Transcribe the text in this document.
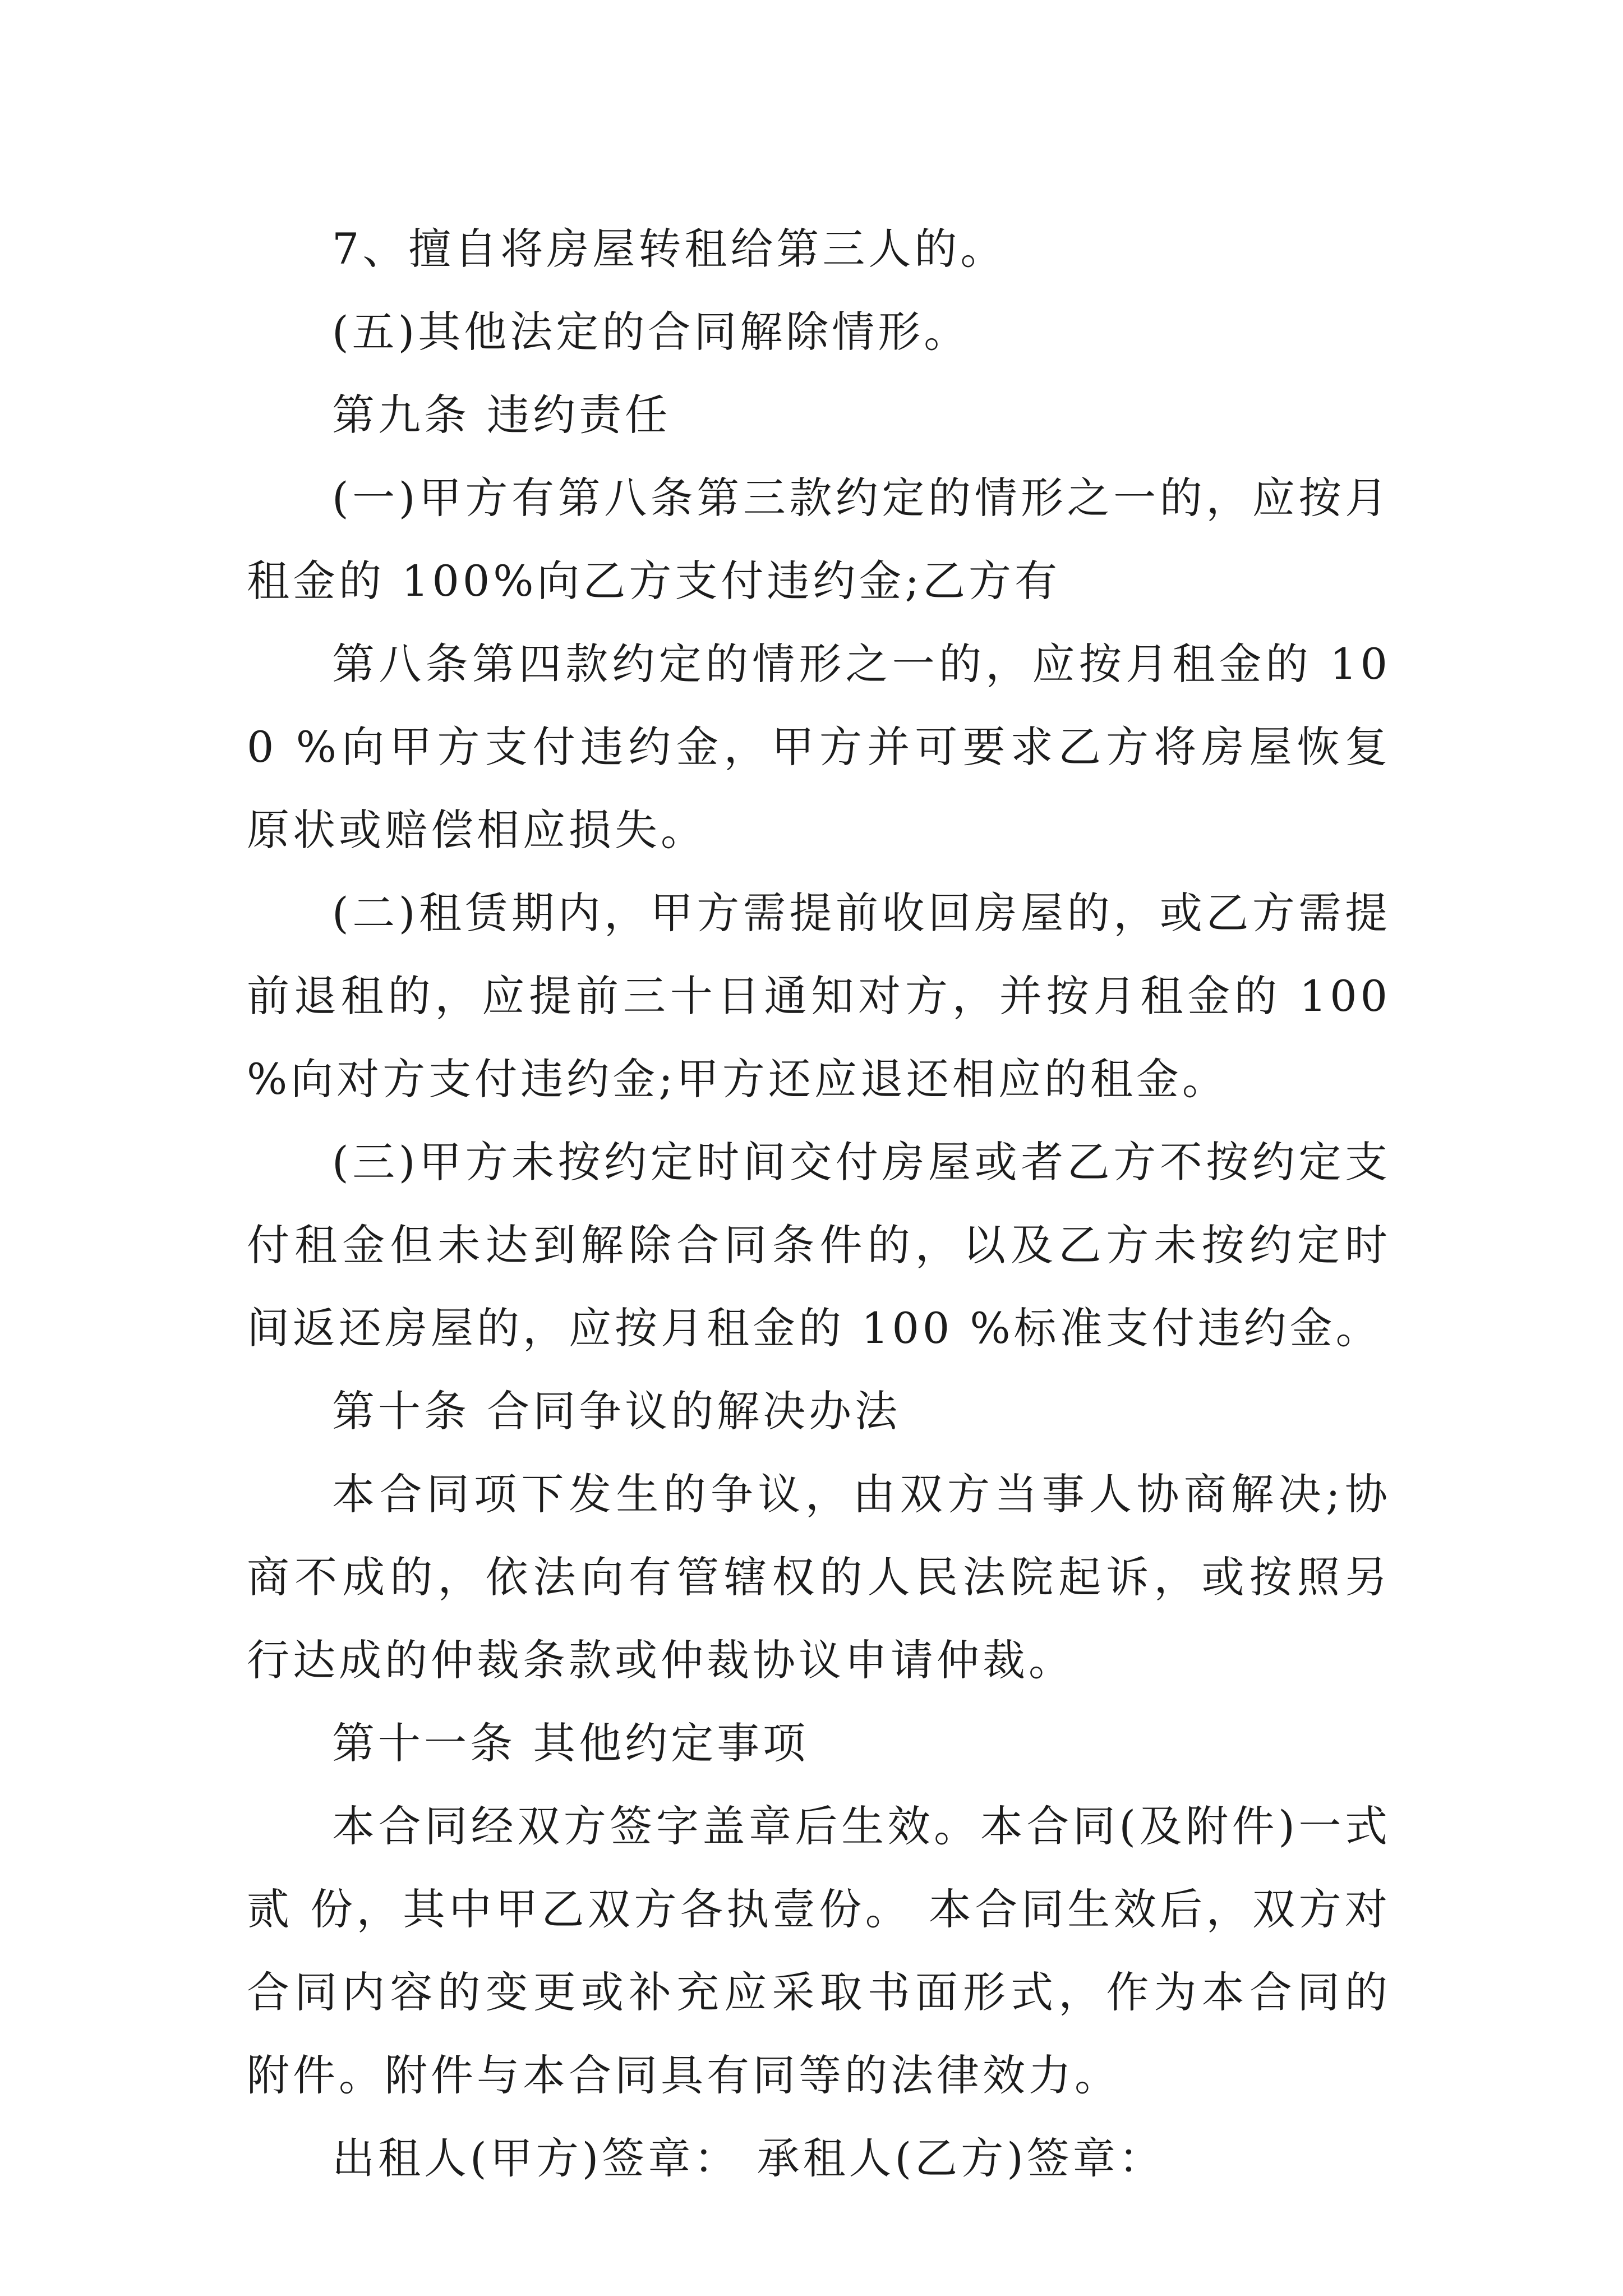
7、擅自将房屋转租给第三人的。

(五)其他法定的合同解除情形。

第九条 违约责任

(一)甲方有第八条第三款约定的情形之一的，应按月租金的 100%向乙方支付违约金;乙方有

第八条第四款约定的情形之一的，应按月租金的 100 %向甲方支付违约金，甲方并可要求乙方将房屋恢复原状或赔偿相应损失。

(二)租赁期内，甲方需提前收回房屋的，或乙方需提前退租的，应提前三十日通知对方，并按月租金的 100 %向对方支付违约金;甲方还应退还相应的租金。

(三)甲方未按约定时间交付房屋或者乙方不按约定支付租金但未达到解除合同条件的，以及乙方未按约定时间返还房屋的，应按月租金的 100 %标准支付违约金。

第十条 合同争议的解决办法

本合同项下发生的争议，由双方当事人协商解决;协商不成的，依法向有管辖权的人民法院起诉，或按照另行达成的仲裁条款或仲裁协议申请仲裁。

第十一条 其他约定事项

本合同经双方签字盖章后生效。本合同(及附件)一式贰 份，其中甲乙双方各执壹份。 本合同生效后，双方对合同内容的变更或补充应采取书面形式，作为本合同的附件。附件与本合同具有同等的法律效力。

出租人(甲方)签章： 承租人(乙方)签章：
